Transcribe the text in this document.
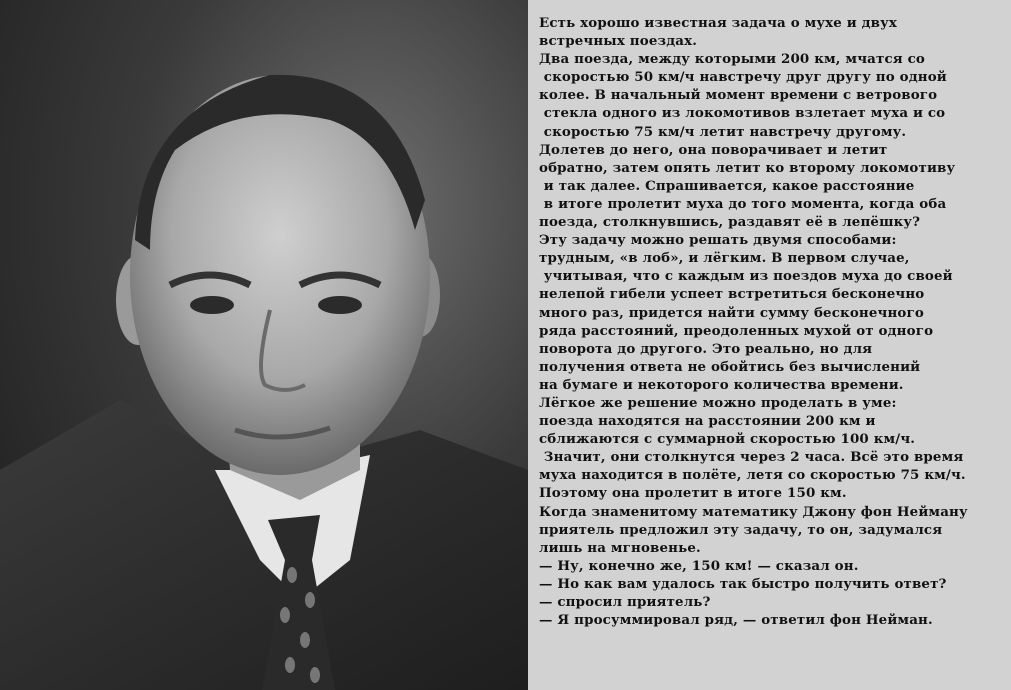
Есть хорошо известная задача о мухе и двух
встречных поездах.
Два поезда, между которыми 200 км, мчатся со
скоростью 50 км/ч навстречу друг другу по одной
колее. В начальный момент времени с ветрового
стекла одного из локомотивов взлетает муха и со
скоростью 75 км/ч летит навстречу другому.
Долетев до него, она поворачивает и летит
обратно, затем опять летит ко второму локомотиву
и так далее. Спрашивается, какое расстояние
в итоге пролетит муха до того момента, когда оба
поезда, столкнувшись, раздавят её в лепёшку?
Эту задачу можно решать двумя способами:
трудным, «в лоб», и лёгким. В первом случае,
учитывая, что с каждым из поездов муха до своей
нелепой гибели успеет встретиться бесконечно
много раз, придется найти сумму бесконечного
ряда расстояний, преодоленных мухой от одного
поворота до другого. Это реально, но для
получения ответа не обойтись без вычислений
на бумаге и некоторого количества времени.
Лёгкое же решение можно проделать в уме:
поезда находятся на расстоянии 200 км и
сближаются с суммарной скоростью 100 км/ч.
Значит, они столкнутся через 2 часа. Всё это время
муха находится в полёте, летя со скоростью 75 км/ч.
Поэтому она пролетит в итоге 150 км.
Когда знаменитому математику Джону фон Нейману
приятель предложил эту задачу, то он, задумался
лишь на мгновенье.
— Ну, конечно же, 150 км! — сказал он.
— Но как вам удалось так быстро получить ответ?
— спросил приятель?
— Я просуммировал ряд, — ответил фон Нейман.
